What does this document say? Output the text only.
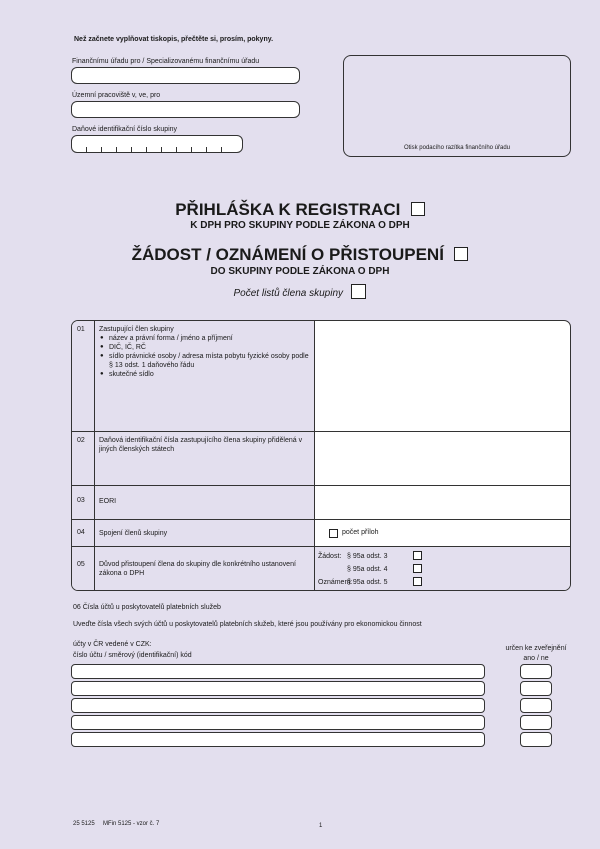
Než začnete vyplňovat tiskopis, přečtěte si, prosím, pokyny.
Finančnímu úřadu pro / Specializovanému finančnímu úřadu
Územní pracoviště v, ve, pro
Daňové identifikační číslo skupiny
Otisk podacího razítka finančního úřadu
PŘIHLÁŠKA K REGISTRACI
K DPH PRO SKUPINY PODLE ZÁKONA O DPH
ŽÁDOST / OZNÁMENÍ O PŘISTOUPENÍ
DO SKUPINY PODLE ZÁKONA O DPH
Počet listů člena skupiny
01 Zastupující člen skupiny
● název a právní forma / jméno a příjmení
● DIČ, IČ, RČ
● sídlo právnické osoby / adresa místa pobytu fyzické osoby podle § 13 odst. 1 daňového řádu
● skutečné sídlo
02 Daňová identifikační čísla zastupujícího člena skupiny přidělená v jiných členských státech
03 EORI
04 Spojení členů skupiny	počet příloh
05 Důvod přistoupení člena do skupiny dle konkrétního ustanovení zákona o DPH
Žádost: § 95a odst. 3
§ 95a odst. 4
Oznámení:
§ 95a odst. 5
06 Čísla účtů u poskytovatelů platebních služeb
Uveďte čísla všech svých účtů u poskytovatelů platebních služeb, které jsou používány pro ekonomickou činnost
účty v ČR vedené v CZK:
číslo účtu / směrový (identifikační) kód
určen ke zveřejnění
ano / ne
25 5125 MFin 5125 - vzor č. 7	1
